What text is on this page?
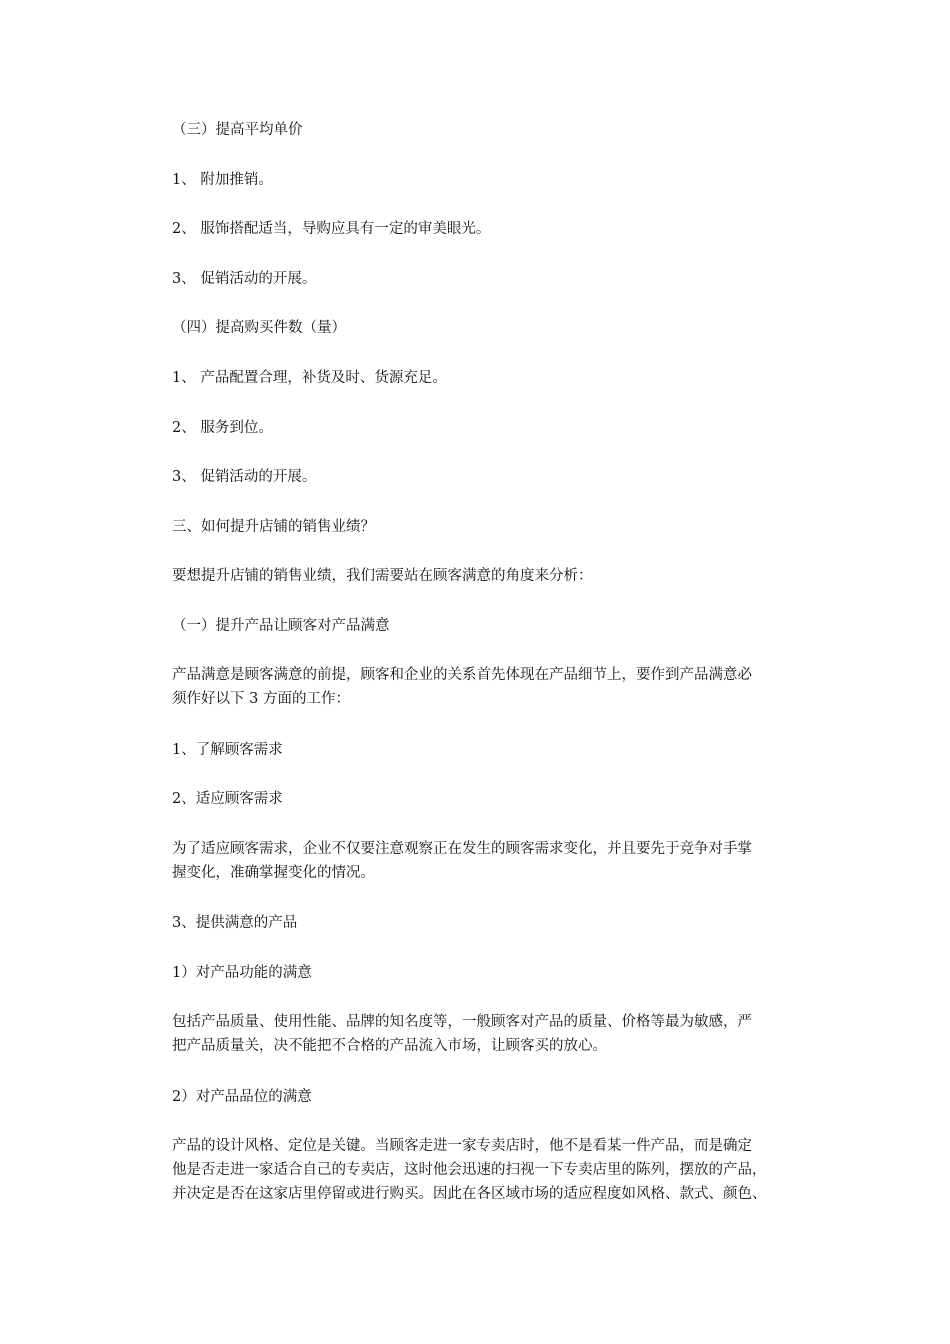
（三）提高平均单价
1、 附加推销。
2、 服饰搭配适当，导购应具有一定的审美眼光。
3、 促销活动的开展。
（四）提高购买件数（量）
1、 产品配置合理，补货及时、货源充足。
2、 服务到位。
3、 促销活动的开展。
三、如何提升店铺的销售业绩？
要想提升店铺的销售业绩，我们需要站在顾客满意的角度来分析：
（一）提升产品让顾客对产品满意
产品满意是顾客满意的前提，顾客和企业的关系首先体现在产品细节上，要作到产品满意必
须作好以下 3 方面的工作：
1、了解顾客需求
2、适应顾客需求
为了适应顾客需求，企业不仅要注意观察正在发生的顾客需求变化，并且要先于竞争对手掌
握变化，准确掌握变化的情况。
3、提供满意的产品
1）对产品功能的满意
包括产品质量、使用性能、品牌的知名度等，一般顾客对产品的质量、价格等最为敏感，严
把产品质量关，决不能把不合格的产品流入市场，让顾客买的放心。
2）对产品品位的满意
产品的设计风格、定位是关键。当顾客走进一家专卖店时，他不是看某一件产品，而是确定
他是否走进一家适合自己的专卖店，这时他会迅速的扫视一下专卖店里的陈列，摆放的产品，
并决定是否在这家店里停留或进行购买。因此在各区域市场的适应程度如风格、款式、颜色、
